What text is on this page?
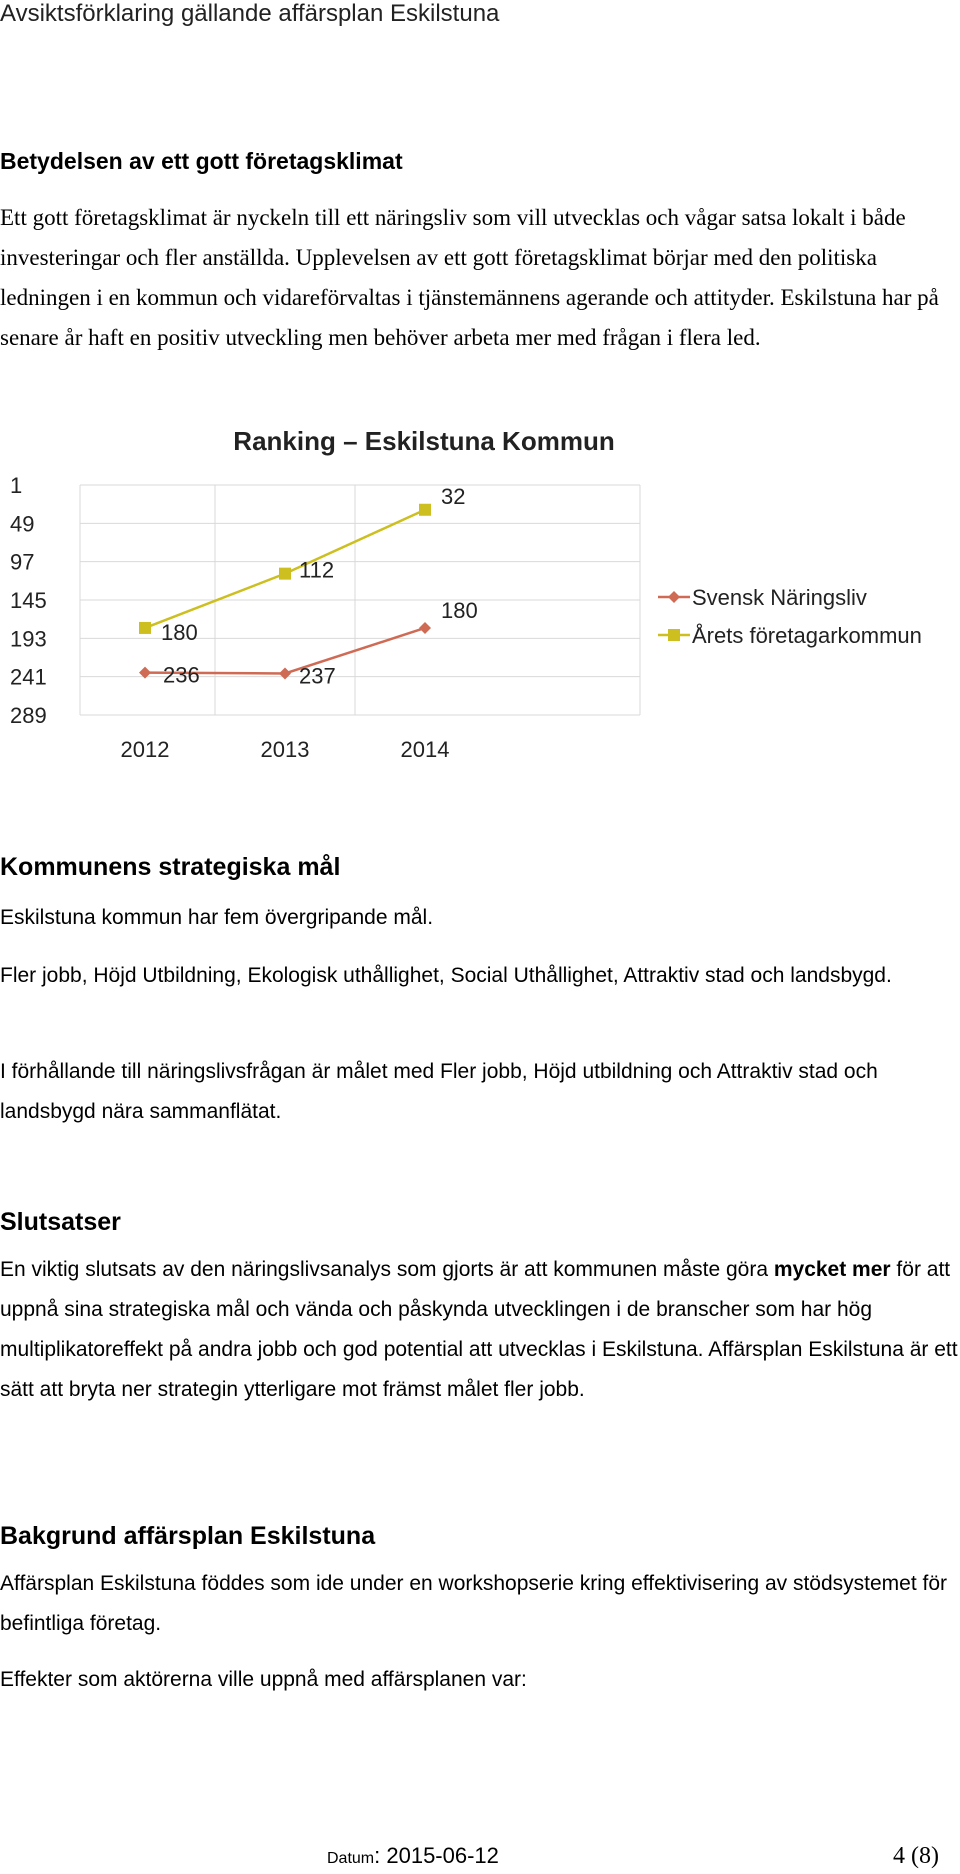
Avsiktsförklaring gällande affärsplan Eskilstuna
Betydelsen av ett gott företagsklimat

Ett gott företagsklimat är nyckeln till ett näringsliv som vill utvecklas och vågar satsa lokalt i både investeringar och fler anställda. Upplevelsen av ett gott företagsklimat börjar med den politiska ledningen i en kommun och vidareförvaltas i tjänstemännens agerande och attityder. Eskilstuna har på senare år haft en positiv utveckling men behöver arbeta mer med frågan i flera led.

Ranking – Eskilstuna Kommun
1
49
97
145
193
241
289
2012	2013	2014
236	237
180
180
112
32
Svensk Näringsliv
Årets företagarkommun
Kommunens strategiska mål

Eskilstuna kommun har fem övergripande mål.

Fler jobb, Höjd Utbildning, Ekologisk uthållighet, Social Uthållighet, Attraktiv stad och landsbygd.

I förhållande till näringslivsfrågan är målet med Fler jobb, Höjd utbildning och Attraktiv stad och landsbygd nära sammanflätat.

Slutsatser

En viktig slutsats av den näringslivsanalys som gjorts är att kommunen måste göra mycket mer för att uppnå sina strategiska mål och vända och påskynda utvecklingen i de branscher som har hög multiplikatoreffekt på andra jobb och god potential att utvecklas i Eskilstuna. Affärsplan Eskilstuna är ett sätt att bryta ner strategin ytterligare mot främst målet fler jobb.

Bakgrund affärsplan Eskilstuna

Affärsplan Eskilstuna föddes som ide under en workshopserie kring effektivisering av stödsystemet för befintliga företag.

Effekter som aktörerna ville uppnå med affärsplanen var:

Datum: 2015-06-12	4 (8)
